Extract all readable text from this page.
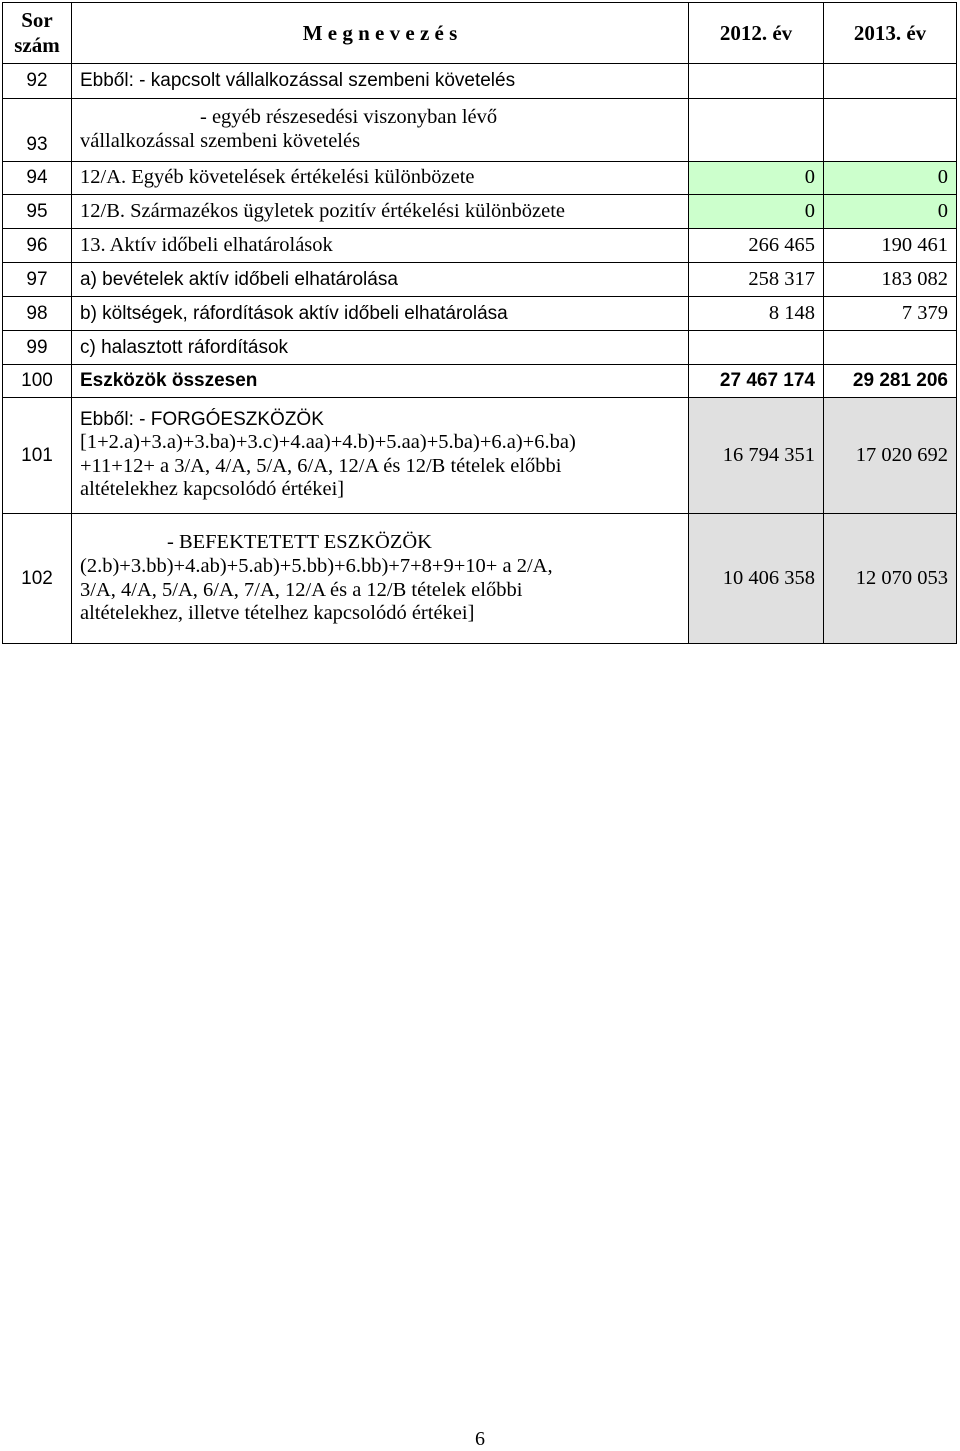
Sor
szám	M e g n e v e z é s	2012. év	2013. év
92	Ebből: - kapcsolt vállalkozással szembeni követelés		
93	- egyéb részesedési viszonyban lévő
vállalkozással szembeni követelés		

94	12/A. Egyéb követelések értékelési különbözete	0	0
95	12/B. Származékos ügyletek pozitív értékelési különbözete	0	0
96	13. Aktív időbeli elhatárolások	266 465	190 461
97	a) bevételek aktív időbeli elhatárolása	258 317	183 082
98	b) költségek, ráfordítások aktív időbeli elhatárolása	8 148	7 379
99	c) halasztott ráfordítások		
100	Eszközök összesen	27 467 174	29 281 206
101	Ebből: - FORGÓESZKÖZÖK
[1+2.a)+3.a)+3.ba)+3.c)+4.aa)+4.b)+5.aa)+5.ba)+6.a)+6.ba)
+11+12+ a 3/A, 4/A, 5/A, 6/A, 12/A és 12/B tételek előbbi
altételekhez kapcsolódó értékei]	16 794 351	17 020 692
102	- BEFEKTETETT ESZKÖZÖK
(2.b)+3.bb)+4.ab)+5.ab)+5.bb)+6.bb)+7+8+9+10+ a 2/A,
3/A, 4/A, 5/A, 6/A, 7/A, 12/A és a 12/B tételek előbbi
altételekhez, illetve tételhez kapcsolódó értékei]	10 406 358	12 070 053
6
